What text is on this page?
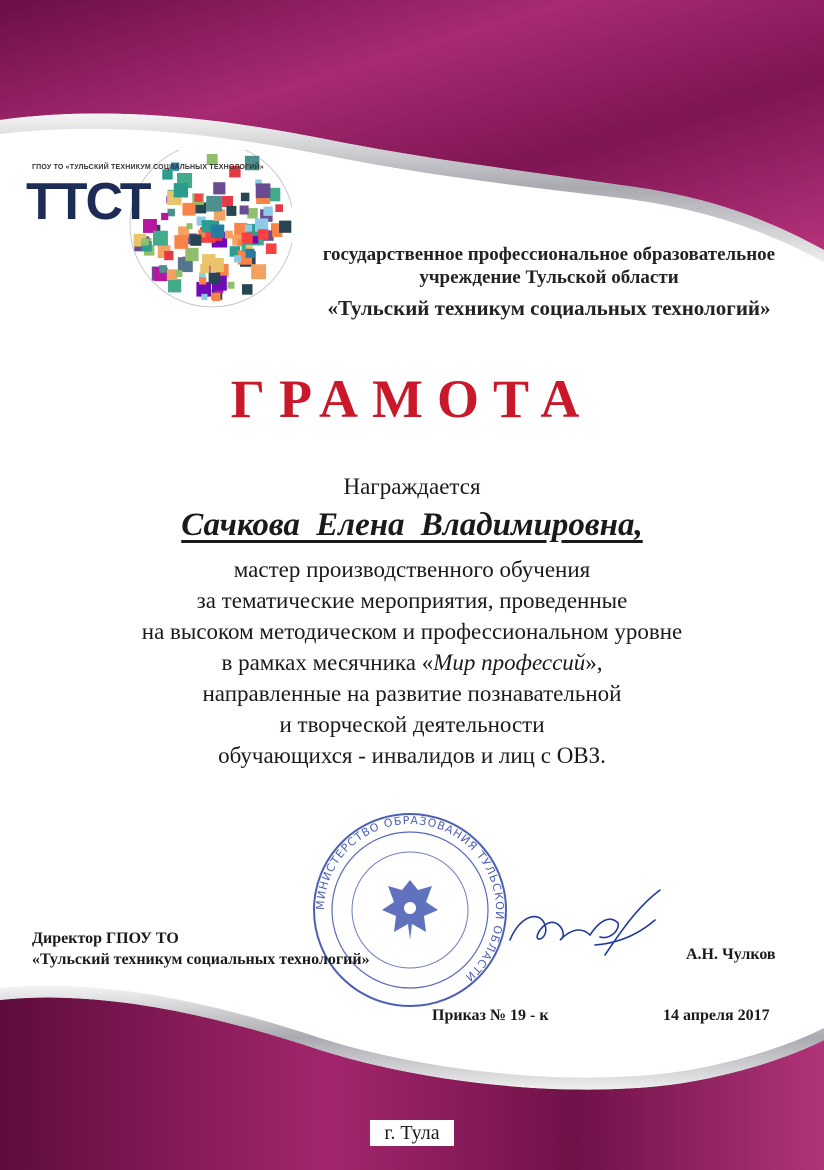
ГПОУ ТО «ТУЛЬСКИЙ ТЕХНИКУМ СОЦИАЛЬНЫХ ТЕХНОЛОГИЙ»
ТТСТ
государственное профессиональное образовательное
учреждение Тульской области
«Тульский техникум социальных технологий»
ГРАМОТА
Награждается
Сачкова Елена Владимировна,
мастер производственного обучения
за тематические мероприятия, проведенные
на высоком методическом и профессиональном уровне
в рамках месячника «Мир профессий»,
направленные на развитие познавательной
и творческой деятельности
обучающихся - инвалидов и лиц с ОВЗ.
МИНИСТЕРСТВО ОБРАЗОВАНИЯ ТУЛЬСКОЙ ОБЛАСТИ
Директор ГПОУ ТО
«Тульский техникум социальных технологий»	А.Н. Чулков
Приказ № 19 - к	14 апреля 2017
г. Тула
